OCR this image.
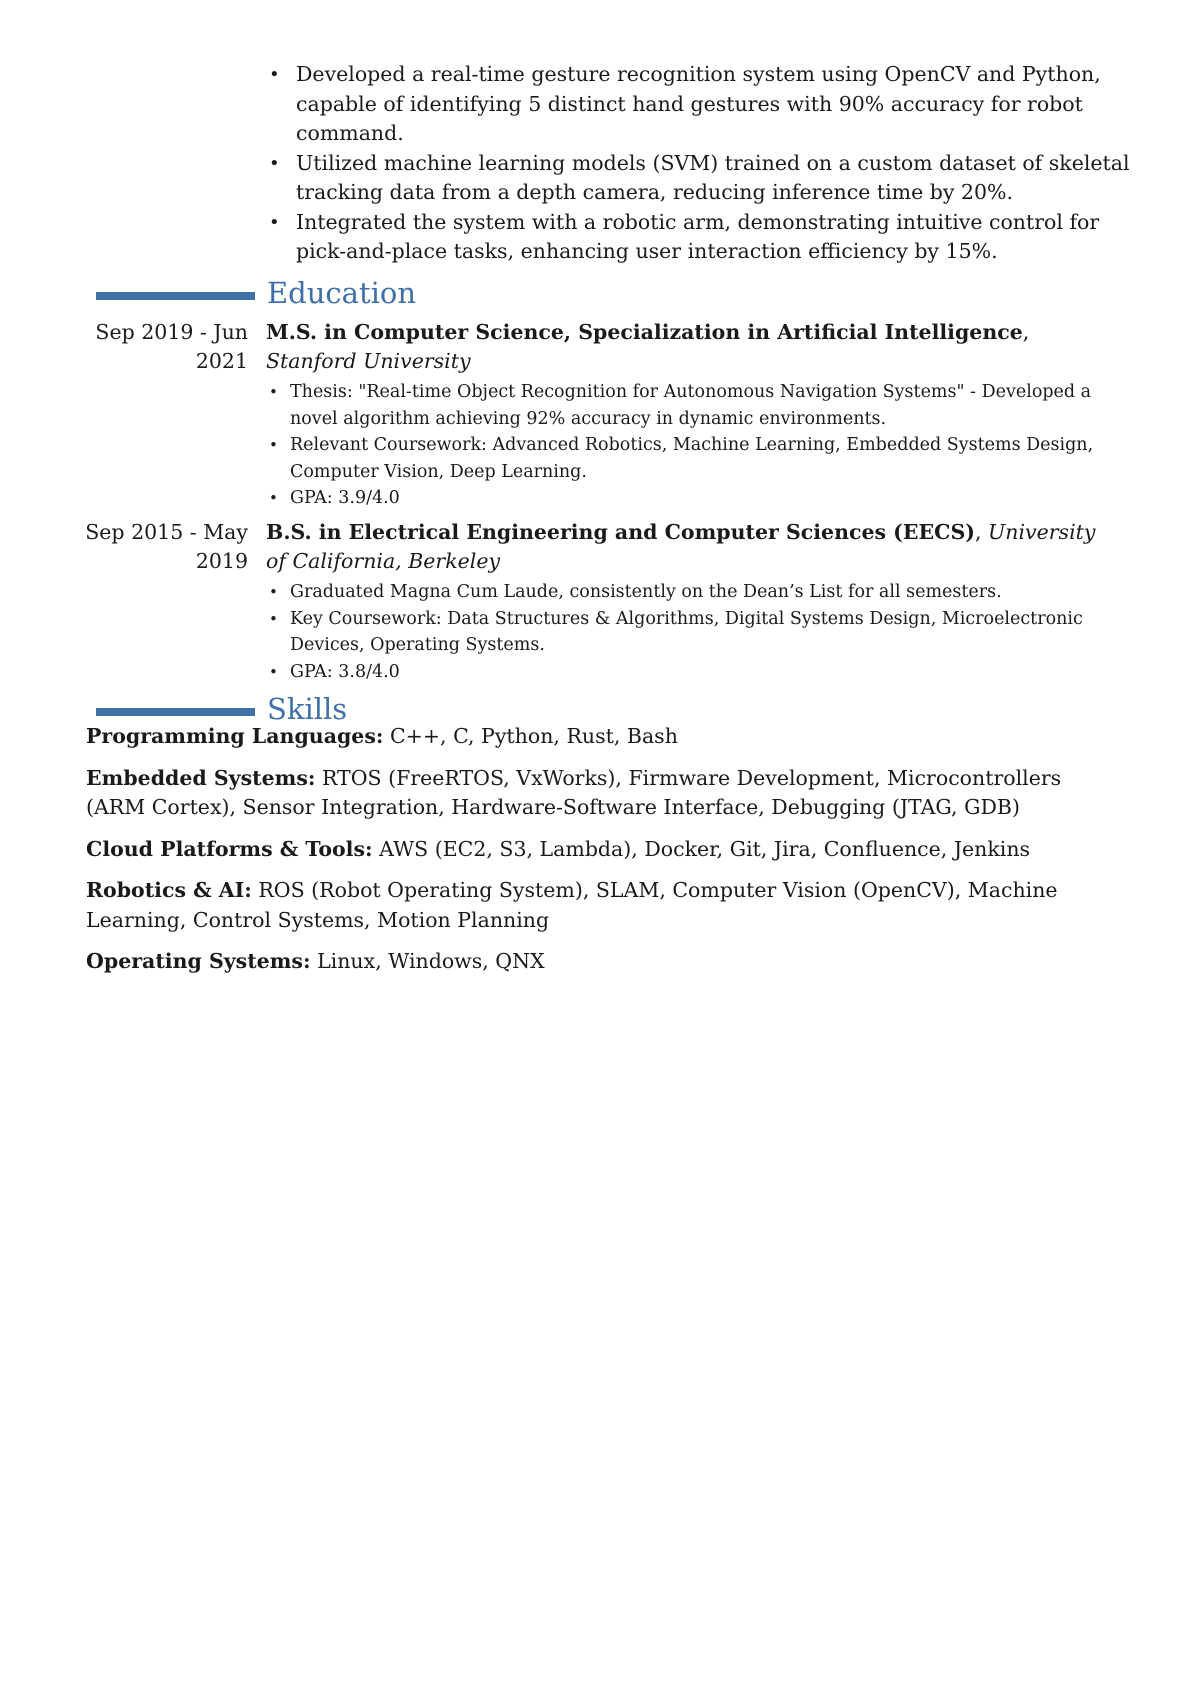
• Developed a real-time gesture recognition system using OpenCV and Python, capable of identifying 5 distinct hand gestures with 90% accuracy for robot command.
• Utilized machine learning models (SVM) trained on a custom dataset of skeletal tracking data from a depth camera, reducing inference time by 20%.
• Integrated the system with a robotic arm, demonstrating intuitive control for pick-and-place tasks, enhancing user interaction efficiency by 15%.
Education
Sep 2019 - Jun 2021

M.S. in Computer Science, Specialization in Artificial Intelligence, Stanford University

• Thesis: "Real-time Object Recognition for Autonomous Navigation Systems" - Developed a novel algorithm achieving 92% accuracy in dynamic environments.
• Relevant Coursework: Advanced Robotics, Machine Learning, Embedded Systems Design, Computer Vision, Deep Learning.
• GPA: 3.9/4.0
Sep 2015 - May 2019

B.S. in Electrical Engineering and Computer Sciences (EECS), University of California, Berkeley

• Graduated Magna Cum Laude, consistently on the Dean’s List for all semesters.
• Key Coursework: Data Structures & Algorithms, Digital Systems Design, Microelectronic Devices, Operating Systems.
• GPA: 3.8/4.0
Skills

Programming Languages: C++, C, Python, Rust, Bash

Embedded Systems: RTOS (FreeRTOS, VxWorks), Firmware Development, Microcontrollers (ARM Cortex), Sensor Integration, Hardware-Software Interface, Debugging (JTAG, GDB)

Cloud Platforms & Tools: AWS (EC2, S3, Lambda), Docker, Git, Jira, Confluence, Jenkins

Robotics & AI: ROS (Robot Operating System), SLAM, Computer Vision (OpenCV), Machine Learning, Control Systems, Motion Planning

Operating Systems: Linux, Windows, QNX
